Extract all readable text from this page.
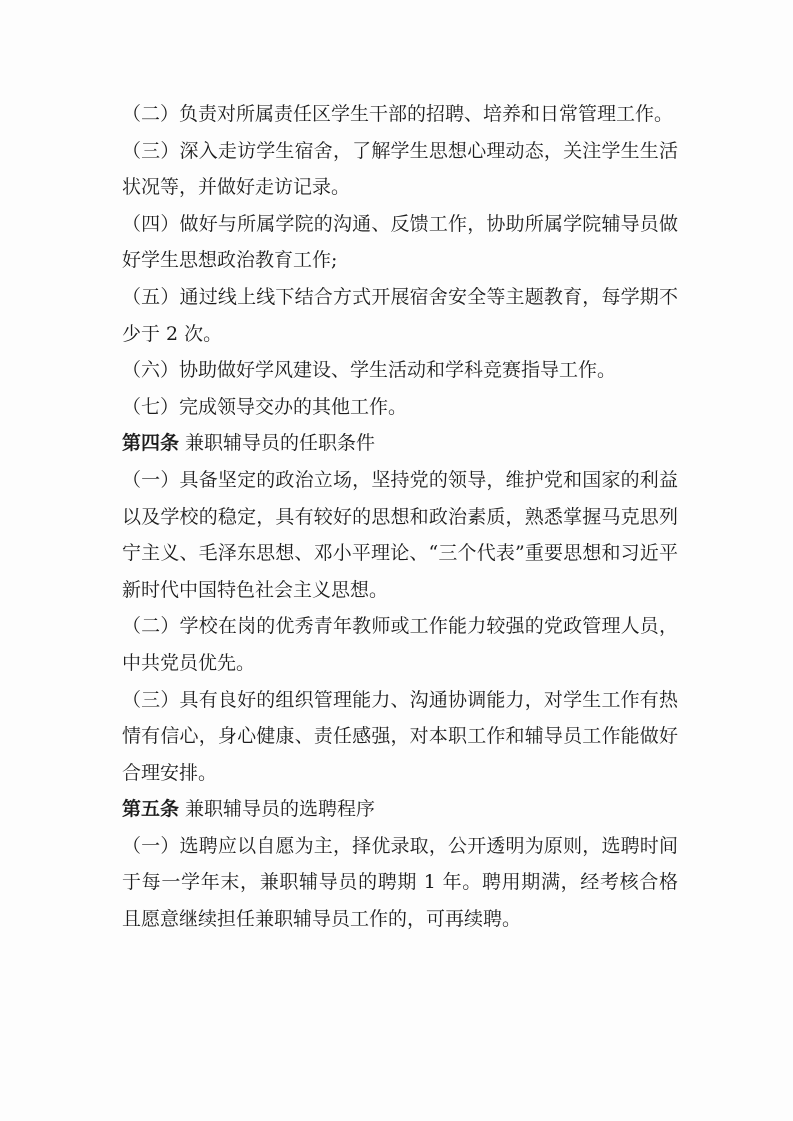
（二）负责对所属责任区学生干部的招聘、培养和日常管理工作。

（三）深入走访学生宿舍，了解学生思想心理动态，关注学生生活状况等，并做好走访记录。

（四）做好与所属学院的沟通、反馈工作，协助所属学院辅导员做好学生思想政治教育工作;

（五）通过线上线下结合方式开展宿舍安全等主题教育，每学期不少于 2 次。

（六）协助做好学风建设、学生活动和学科竞赛指导工作。

（七）完成领导交办的其他工作。

第四条 兼职辅导员的任职条件

（一）具备坚定的政治立场，坚持党的领导，维护党和国家的利益以及学校的稳定，具有较好的思想和政治素质，熟悉掌握马克思列宁主义、毛泽东思想、邓小平理论、“三个代表”重要思想和习近平新时代中国特色社会主义思想。

（二）学校在岗的优秀青年教师或工作能力较强的党政管理人员，中共党员优先。

（三）具有良好的组织管理能力、沟通协调能力，对学生工作有热情有信心，身心健康、责任感强，对本职工作和辅导员工作能做好合理安排。

第五条 兼职辅导员的选聘程序

（一）选聘应以自愿为主，择优录取，公开透明为原则，选聘时间于每一学年末，兼职辅导员的聘期 1 年。聘用期满，经考核合格且愿意继续担任兼职辅导员工作的，可再续聘。
